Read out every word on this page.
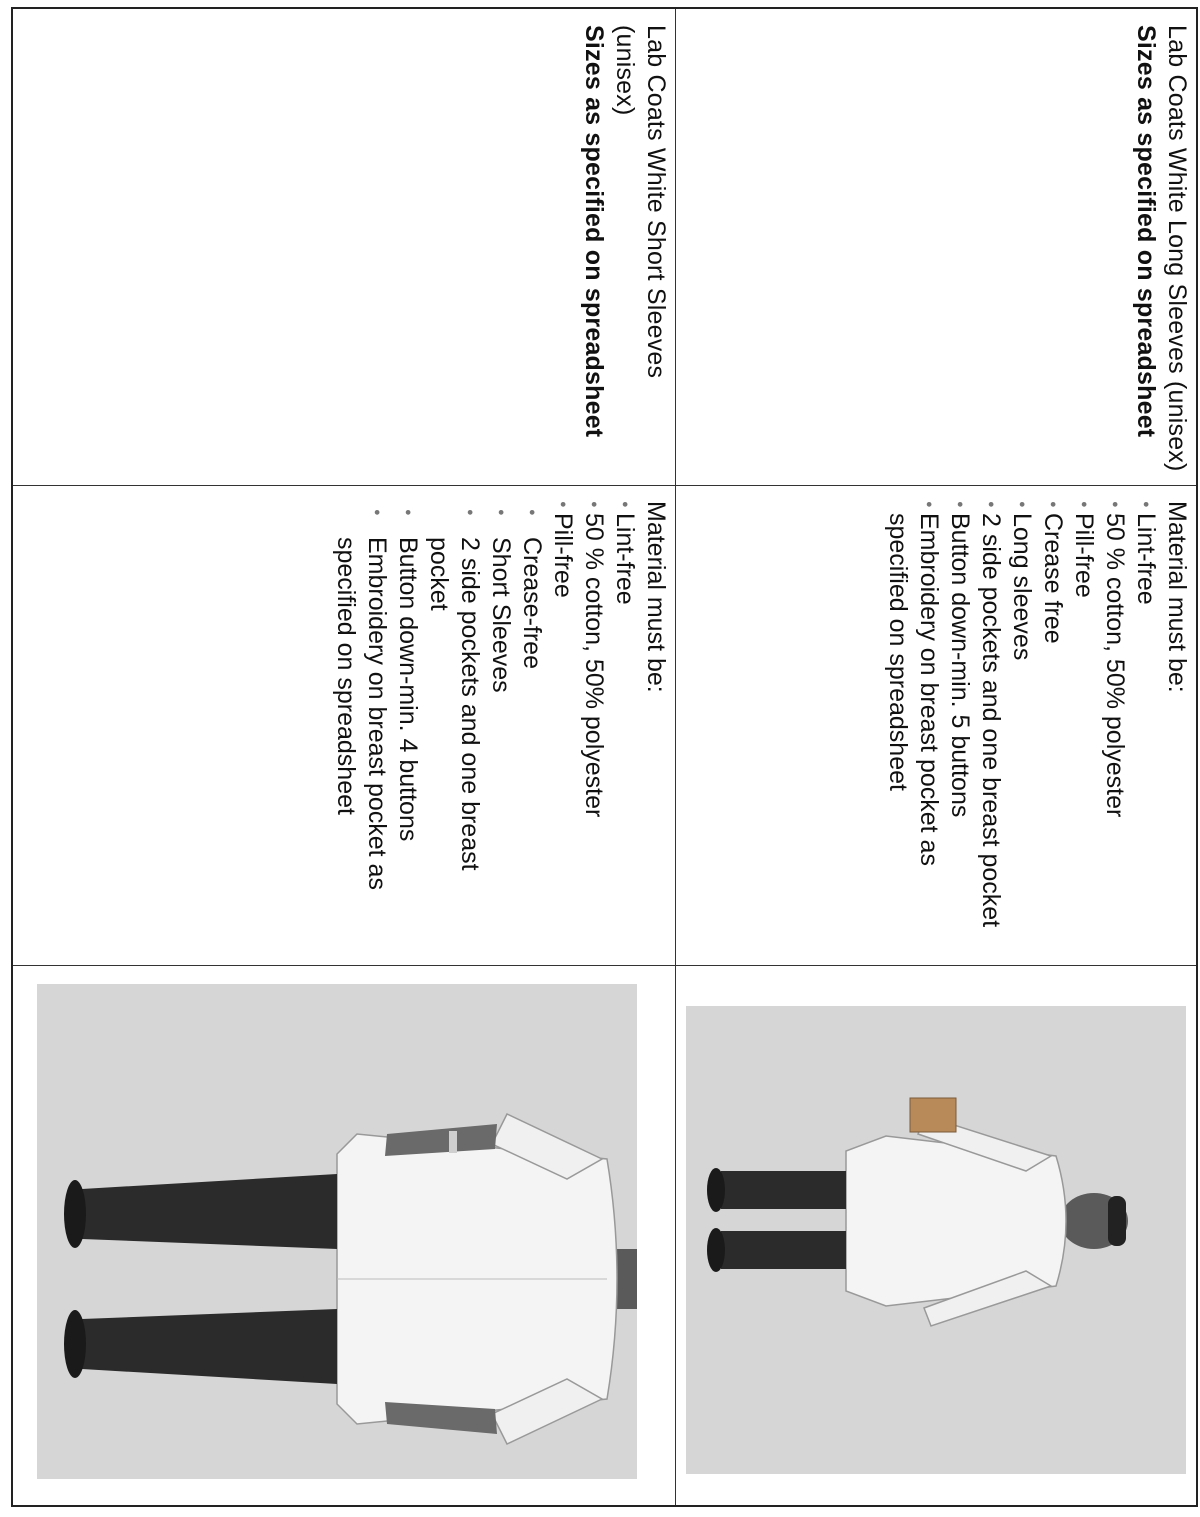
Lab Coats White Long Sleeves (unisex)
Sizes as specified on spreadsheet
Material must be:
● Lint-free
● 50 % cotton, 50% polyester
● Pill-free
● Crease free
● Long sleeves
● 2 side pockets and one breast pocket
● Button down-min. 5 buttons
● Embroidery on breast pocket as specified on spreadsheet
Lab Coats White Short Sleeves (unisex)
Sizes as specified on spreadsheet
Material must be:
● Lint-free
● 50 % cotton, 50% polyester
● Pill-free
● Crease-free
● Short Sleeves
● 2 side pockets and one breast pocket
● Button down-min. 4 buttons
● Embroidery on breast pocket as specified on spreadsheet
